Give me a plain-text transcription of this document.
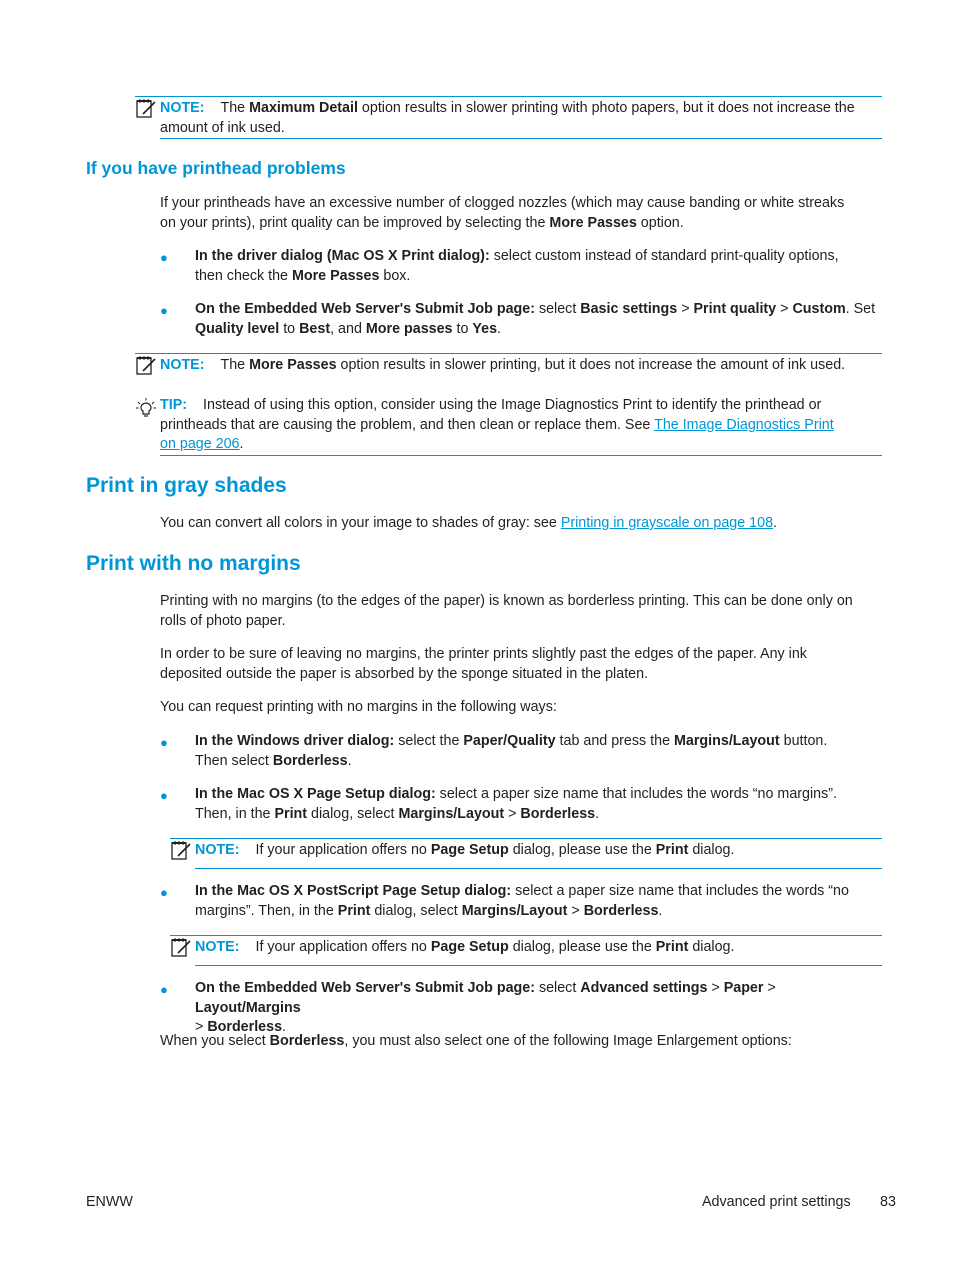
NOTE: The Maximum Detail option results in slower printing with photo papers, but it does not increase the
amount of ink used.
If you have printhead problems
If your printheads have an excessive number of clogged nozzles (which may cause banding or white streaks
on your prints), print quality can be improved by selecting the More Passes option.
● In the driver dialog (Mac OS X Print dialog): select custom instead of standard print-quality options,
then check the More Passes box.
● On the Embedded Web Server's Submit Job page: select Basic settings > Print quality > Custom. Set
Quality level to Best, and More passes to Yes.
NOTE: The More Passes option results in slower printing, but it does not increase the amount of ink used.
TIP: Instead of using this option, consider using the Image Diagnostics Print to identify the printhead or
printheads that are causing the problem, and then clean or replace them. See The Image Diagnostics Print
on page 206.
Print in gray shades
You can convert all colors in your image to shades of gray: see Printing in grayscale on page 108.
Print with no margins
Printing with no margins (to the edges of the paper) is known as borderless printing. This can be done only on
rolls of photo paper.
In order to be sure of leaving no margins, the printer prints slightly past the edges of the paper. Any ink
deposited outside the paper is absorbed by the sponge situated in the platen.
You can request printing with no margins in the following ways:
● In the Windows driver dialog: select the Paper/Quality tab and press the Margins/Layout button.
Then select Borderless.
● In the Mac OS X Page Setup dialog: select a paper size name that includes the words “no margins”.
Then, in the Print dialog, select Margins/Layout > Borderless.
NOTE: If your application offers no Page Setup dialog, please use the Print dialog.
● In the Mac OS X PostScript Page Setup dialog: select a paper size name that includes the words “no
margins”. Then, in the Print dialog, select Margins/Layout > Borderless.
NOTE: If your application offers no Page Setup dialog, please use the Print dialog.
● On the Embedded Web Server's Submit Job page: select Advanced settings > Paper > Layout/Margins
> Borderless.
When you select Borderless, you must also select one of the following Image Enlargement options:
ENWW	Advanced print settings 83
